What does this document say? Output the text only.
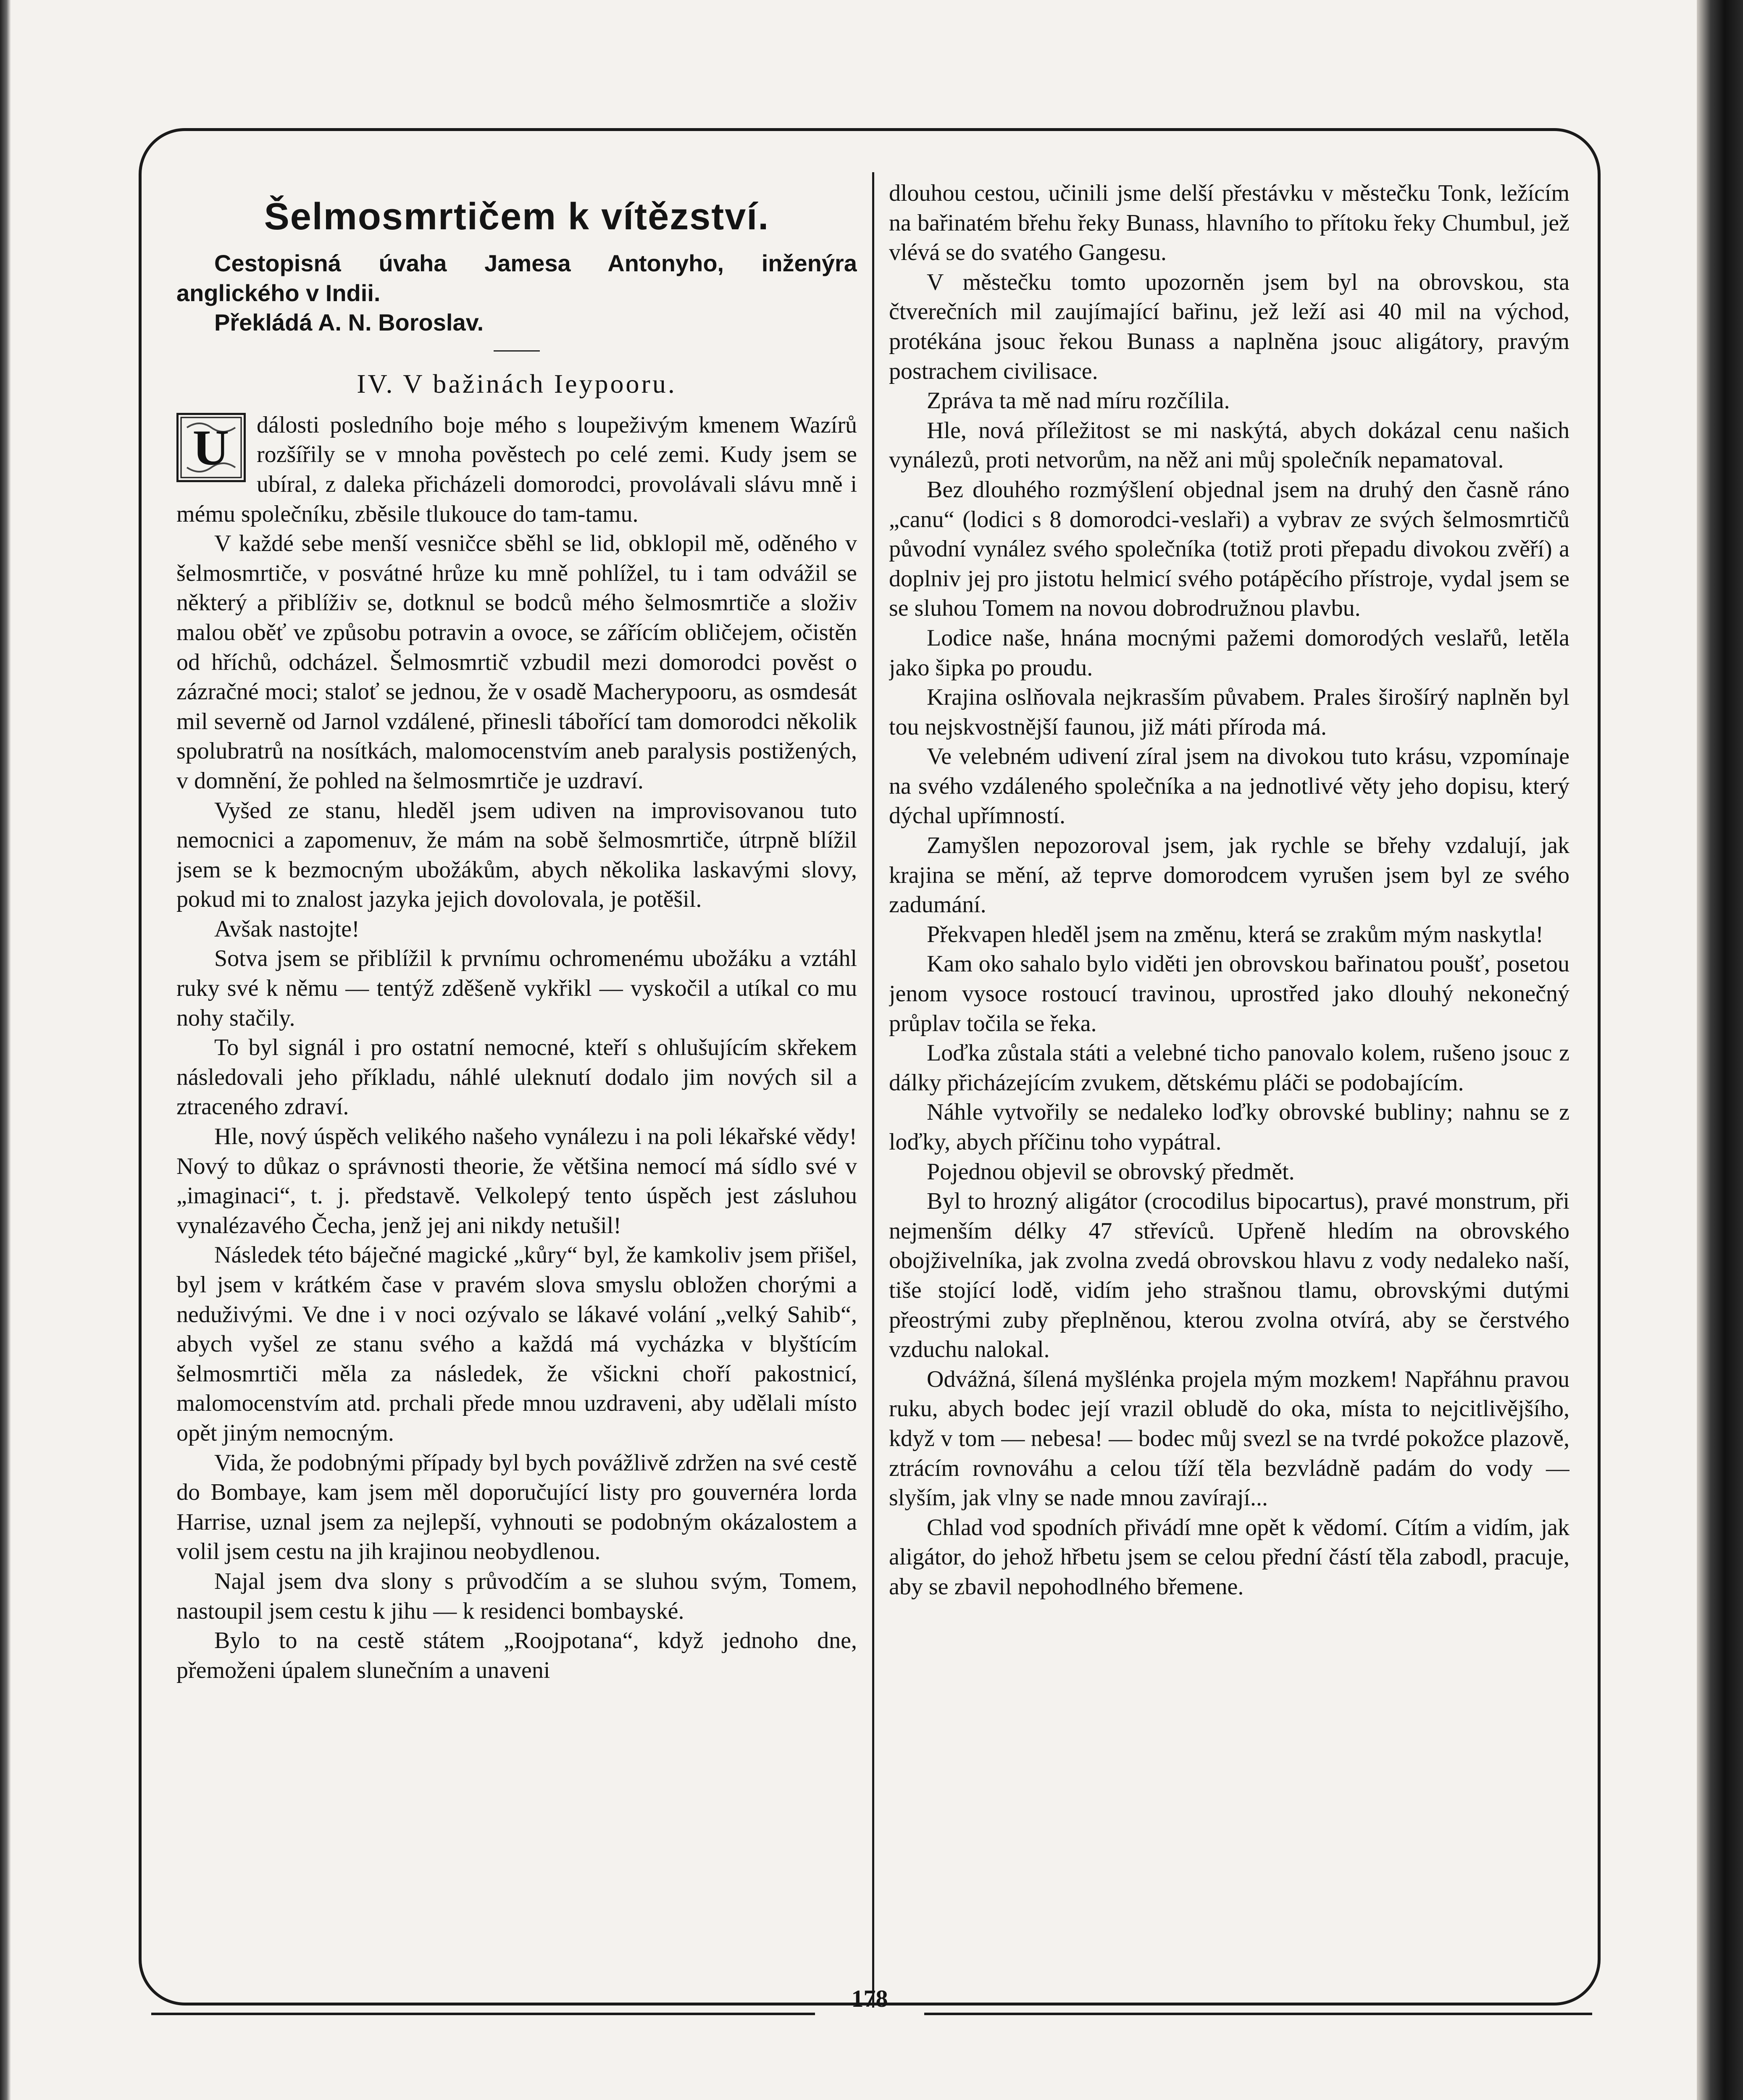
Šelmosmrtičem k vítězství.

Cestopisná úvaha Jamesa Antonyho, inženýra anglického v Indii.

Překládá A. N. Boroslav.

IV. V bažinách Ieypooru.

U dálosti posledního boje mého s loupeživým kmenem Wazírů rozšířily se v mnoha pověstech po celé zemi. Kudy jsem se ubíral, z daleka přicházeli domorodci, provolávali slávu mně i mému společníku, zběsile tlukouce do tam-tamu.

V každé sebe menší vesničce sběhl se lid, obklopil mě, oděného v šelmosmrtiče, v posvátné hrůze ku mně pohlížel, tu i tam odvážil se některý a přiblíživ se, dotknul se bodců mého šelmosmrtiče a složiv malou oběť ve způsobu potravin a ovoce, se zářícím obličejem, očistěn od hříchů, odcházel. Šelmosmrtič vzbudil mezi domorodci pověst o zázračné moci; staloť se jednou, že v osadě Macherypooru, as osmdesát mil severně od Jarnol vzdálené, přinesli tábořící tam domorodci několik spolubratrů na nosítkách, malomocenstvím aneb paralysis postižených, v domnění, že pohled na šelmosmrtiče je uzdraví.

Vyšed ze stanu, hleděl jsem udiven na improvisovanou tuto nemocnici a zapomenuv, že mám na sobě šelmosmrtiče, útrpně blížil jsem se k bezmocným ubožákům, abych několika laskavými slovy, pokud mi to znalost jazyka jejich dovolovala, je potěšil.

Avšak nastojte!

Sotva jsem se přiblížil k prvnímu ochromenému ubožáku a vztáhl ruky své k němu — tentýž zděšeně vykřikl — vyskočil a utíkal co mu nohy stačily.

To byl signál i pro ostatní nemocné, kteří s ohlušujícím skřekem následovali jeho příkladu, náhlé uleknutí dodalo jim nových sil a ztraceného zdraví.

Hle, nový úspěch velikého našeho vynálezu i na poli lékařské vědy! Nový to důkaz o správnosti theorie, že většina nemocí má sídlo své v „imaginaci“, t. j. představě. Velkolepý tento úspěch jest zásluhou vynalézavého Čecha, jenž jej ani nikdy netušil!

Následek této báječné magické „kůry“ byl, že kamkoliv jsem přišel, byl jsem v krátkém čase v pravém slova smyslu obložen chorými a neduživými. Ve dne i v noci ozývalo se lákavé volání „velký Sahib“, abych vyšel ze stanu svého a každá má vycházka v blyštícím šelmosmrtiči měla za následek, že všickni choří pakostnicí, malomocenstvím atd. prchali přede mnou uzdraveni, aby udělali místo opět jiným nemocným.

Vida, že podobnými případy byl bych povážlivě zdržen na své cestě do Bombaye, kam jsem měl doporučující listy pro gouvernéra lorda Harrise, uznal jsem za nejlepší, vyhnouti se podobným okázalostem a volil jsem cestu na jih krajinou neobydlenou.

Najal jsem dva slony s průvodčím a se sluhou svým, Tomem, nastoupil jsem cestu k jihu — k residenci bombayské.

Bylo to na cestě státem „Roojpotana“, když jednoho dne, přemoženi úpalem slunečním a unaveni

dlouhou cestou, učinili jsme delší přestávku v městečku Tonk, ležícím na bařinatém břehu řeky Bunass, hlavního to přítoku řeky Chumbul, jež vlévá se do svatého Gangesu.

V městečku tomto upozorněn jsem byl na obrovskou, sta čtverečních mil zaujímající bařinu, jež leží asi 40 mil na východ, protékána jsouc řekou Bunass a naplněna jsouc aligátory, pravým postrachem civilisace.

Zpráva ta mě nad míru rozčílila.

Hle, nová příležitost se mi naskýtá, abych dokázal cenu našich vynálezů, proti netvorům, na něž ani můj společník nepamatoval.

Bez dlouhého rozmýšlení objednal jsem na druhý den časně ráno „canu“ (lodici s 8 domorodci-veslaři) a vybrav ze svých šelmosmrtičů původní vynález svého společníka (totiž proti přepadu divokou zvěří) a doplniv jej pro jistotu helmicí svého potápěcího přístroje, vydal jsem se se sluhou Tomem na novou dobrodružnou plavbu.

Lodice naše, hnána mocnými pažemi domorodých veslařů, letěla jako šipka po proudu.

Krajina oslňovala nejkrasším půvabem. Prales širošírý naplněn byl tou nejskvostnější faunou, již máti příroda má.

Ve velebném udivení zíral jsem na divokou tuto krásu, vzpomínaje na svého vzdáleného společníka a na jednotlivé věty jeho dopisu, který dýchal upřímností.

Zamyšlen nepozoroval jsem, jak rychle se břehy vzdalují, jak krajina se mění, až teprve domorodcem vyrušen jsem byl ze svého zadumání.

Překvapen hleděl jsem na změnu, která se zrakům mým naskytla!

Kam oko sahalo bylo viděti jen obrovskou bařinatou poušť, posetou jenom vysoce rostoucí travinou, uprostřed jako dlouhý nekonečný průplav točila se řeka.

Loďka zůstala státi a velebné ticho panovalo kolem, rušeno jsouc z dálky přicházejícím zvukem, dětskému pláči se podobajícím.

Náhle vytvořily se nedaleko loďky obrovské bubliny; nahnu se z loďky, abych příčinu toho vypátral.

Pojednou objevil se obrovský předmět.

Byl to hrozný aligátor (crocodilus bipocartus), pravé monstrum, při nejmenším délky 47 střevíců. Upřeně hledím na obrovského obojživelníka, jak zvolna zvedá obrovskou hlavu z vody nedaleko naší, tiše stojící lodě, vidím jeho strašnou tlamu, obrovskými dutými přeostrými zuby přeplněnou, kterou zvolna otvírá, aby se čerstvého vzduchu nalokal.

Odvážná, šílená myšlénka projela mým mozkem! Napřáhnu pravou ruku, abych bodec její vrazil obludě do oka, místa to nejcitlivějšího, když v tom — nebesa! — bodec můj svezl se na tvrdé pokožce plazově, ztrácím rovnováhu a celou tíží těla bezvládně padám do vody — slyším, jak vlny se nade mnou zavírají...

Chlad vod spodních přivádí mne opět k vědomí. Cítím a vidím, jak aligátor, do jehož hřbetu jsem se celou přední částí těla zabodl, pracuje, aby se zbavil nepohodlného břemene.

178
